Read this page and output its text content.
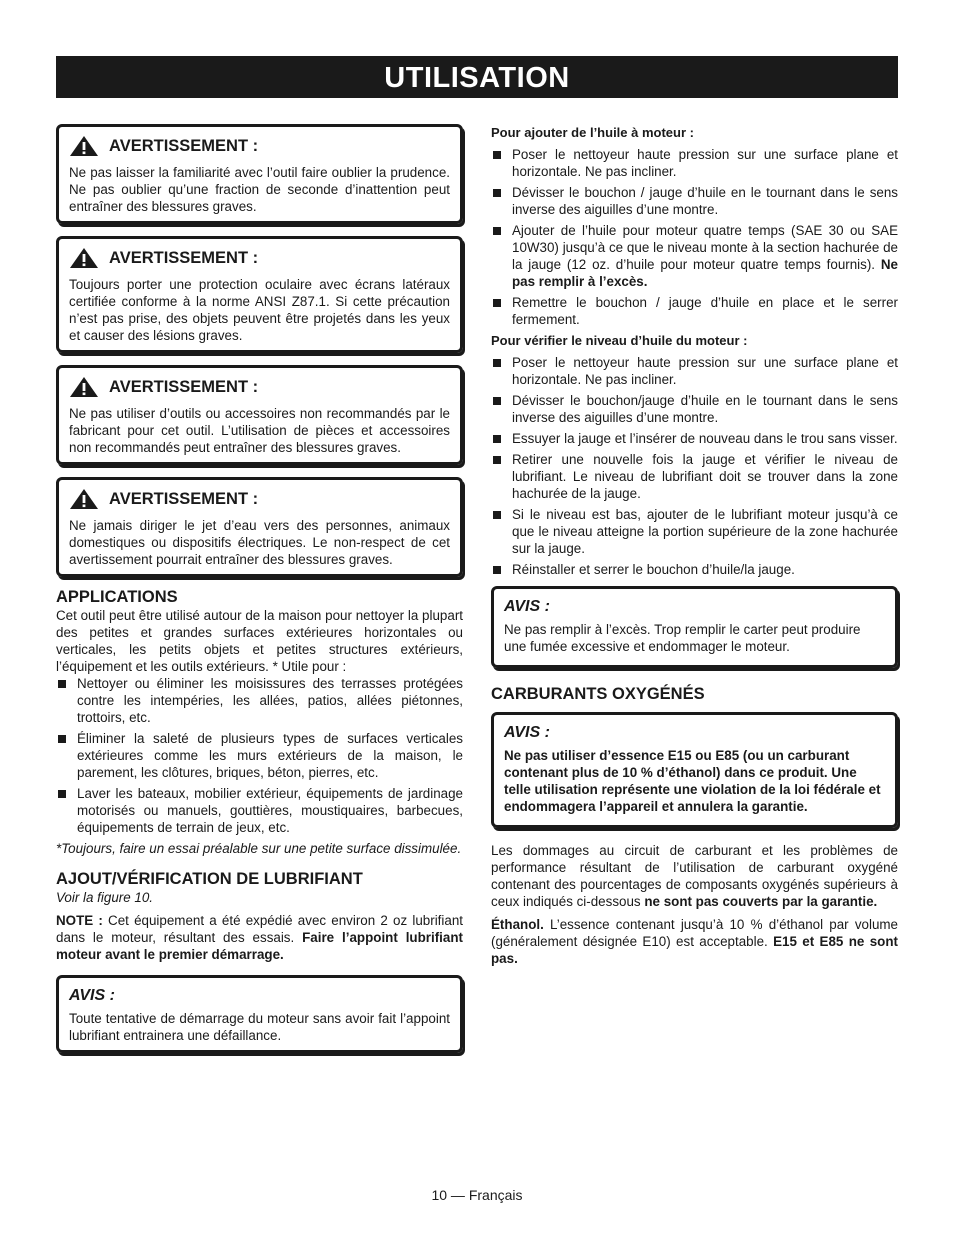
UTILISATION
AVERTISSEMENT :

Ne pas laisser la familiarité avec l’outil faire oublier la prudence. Ne pas oublier qu’une fraction de seconde d’inattention peut entraîner des blessures graves.

AVERTISSEMENT :

Toujours porter une protection oculaire avec écrans latéraux certifiée conforme à la norme ANSI Z87.1. Si cette précaution n’est pas prise, des objets peuvent être projetés dans les yeux et causer des lésions graves.

AVERTISSEMENT :

Ne pas utiliser d’outils ou accessoires non recommandés par le fabricant pour cet outil. L’utilisation de pièces et accessoires non recommandés peut entraîner des blessures graves.

AVERTISSEMENT :

Ne jamais diriger le jet d’eau vers des personnes, animaux domestiques ou dispositifs électriques. Le non-respect de cet avertissement pourrait entraîner des blessures graves.

APPLICATIONS

Cet outil peut être utilisé autour de la maison pour nettoyer la plupart des petites et grandes surfaces extérieures horizontales ou verticales, les petits objets et petites structures extérieurs, l’équipement et les outils extérieurs. * Utile pour :

Nettoyer ou éliminer les moisissures des terrasses protégées contre les intempéries, les allées, patios, allées piétonnes, trottoirs, etc.
Éliminer la saleté de plusieurs types de surfaces verticales extérieures comme les murs extérieurs de la maison, le parement, les clôtures, briques, béton, pierres, etc.
Laver les bateaux, mobilier extérieur, équipements de jardinage motorisés ou manuels, gouttières, moustiquaires, barbecues, équipements de terrain de jeux, etc.

*Toujours, faire un essai préalable sur une petite surface dissimulée.

AJOUT/VÉRIFICATION DE LUBRIFIANT

Voir la figure 10.

NOTE : Cet équipement a été expédié avec environ 2 oz lubrifiant dans le moteur, résultant des essais. Faire l’appoint lubrifiant moteur avant le premier démarrage.

AVIS :

Toute tentative de démarrage du moteur sans avoir fait l’appoint lubrifiant entrainera une défaillance.

Pour ajouter de l’huile à moteur :
Poser le nettoyeur haute pression sur une surface plane et horizontale. Ne pas incliner.
Dévisser le bouchon / jauge d’huile en le tournant dans le sens inverse des aiguilles d’une montre.
Ajouter de l’huile pour moteur quatre temps (SAE 30 ou SAE 10W30) jusqu’à ce que le niveau monte à la section hachurée de la jauge (12 oz. d’huile pour moteur quatre temps fournis). Ne pas remplir à l’excès.
Remettre le bouchon / jauge d’huile en place et le serrer fermement.
Pour vérifier le niveau d’huile du moteur :
Poser le nettoyeur haute pression sur une surface plane et horizontale. Ne pas incliner.
Dévisser le bouchon/jauge d’huile en le tournant dans le sens inverse des aiguilles d’une montre.
Essuyer la jauge et l’insérer de nouveau dans le trou sans visser.
Retirer une nouvelle fois la jauge et vérifier le niveau de lubrifiant. Le niveau de lubrifiant doit se trouver dans la zone hachurée de la jauge.
Si le niveau est bas, ajouter de le lubrifiant moteur jusqu’à ce que le niveau atteigne la portion supérieure de la zone hachurée sur la jauge.
Réinstaller et serrer le bouchon d’huile/la jauge.
AVIS :

Ne pas remplir à l’excès. Trop remplir le carter peut produire une fumée excessive et endommager le moteur.

CARBURANTS OXYGÉNÉS
AVIS :

Ne pas utiliser d’essence E15 ou E85 (ou un carburant contenant plus de 10 % d’éthanol) dans ce produit. Une telle utilisation représente une violation de la loi fédérale et endommagera l’appareil et annulera la garantie.

Les dommages au circuit de carburant et les problèmes de performance résultant de l’utilisation de carburant oxygéné contenant des pourcentages de composants oxygénés supérieurs à ceux indiqués ci-dessous ne sont pas couverts par la garantie.

Éthanol. L’essence contenant jusqu’à 10 % d’éthanol par volume (généralement désignée E10) est acceptable. E15 et E85 ne sont pas.

10 — Français
